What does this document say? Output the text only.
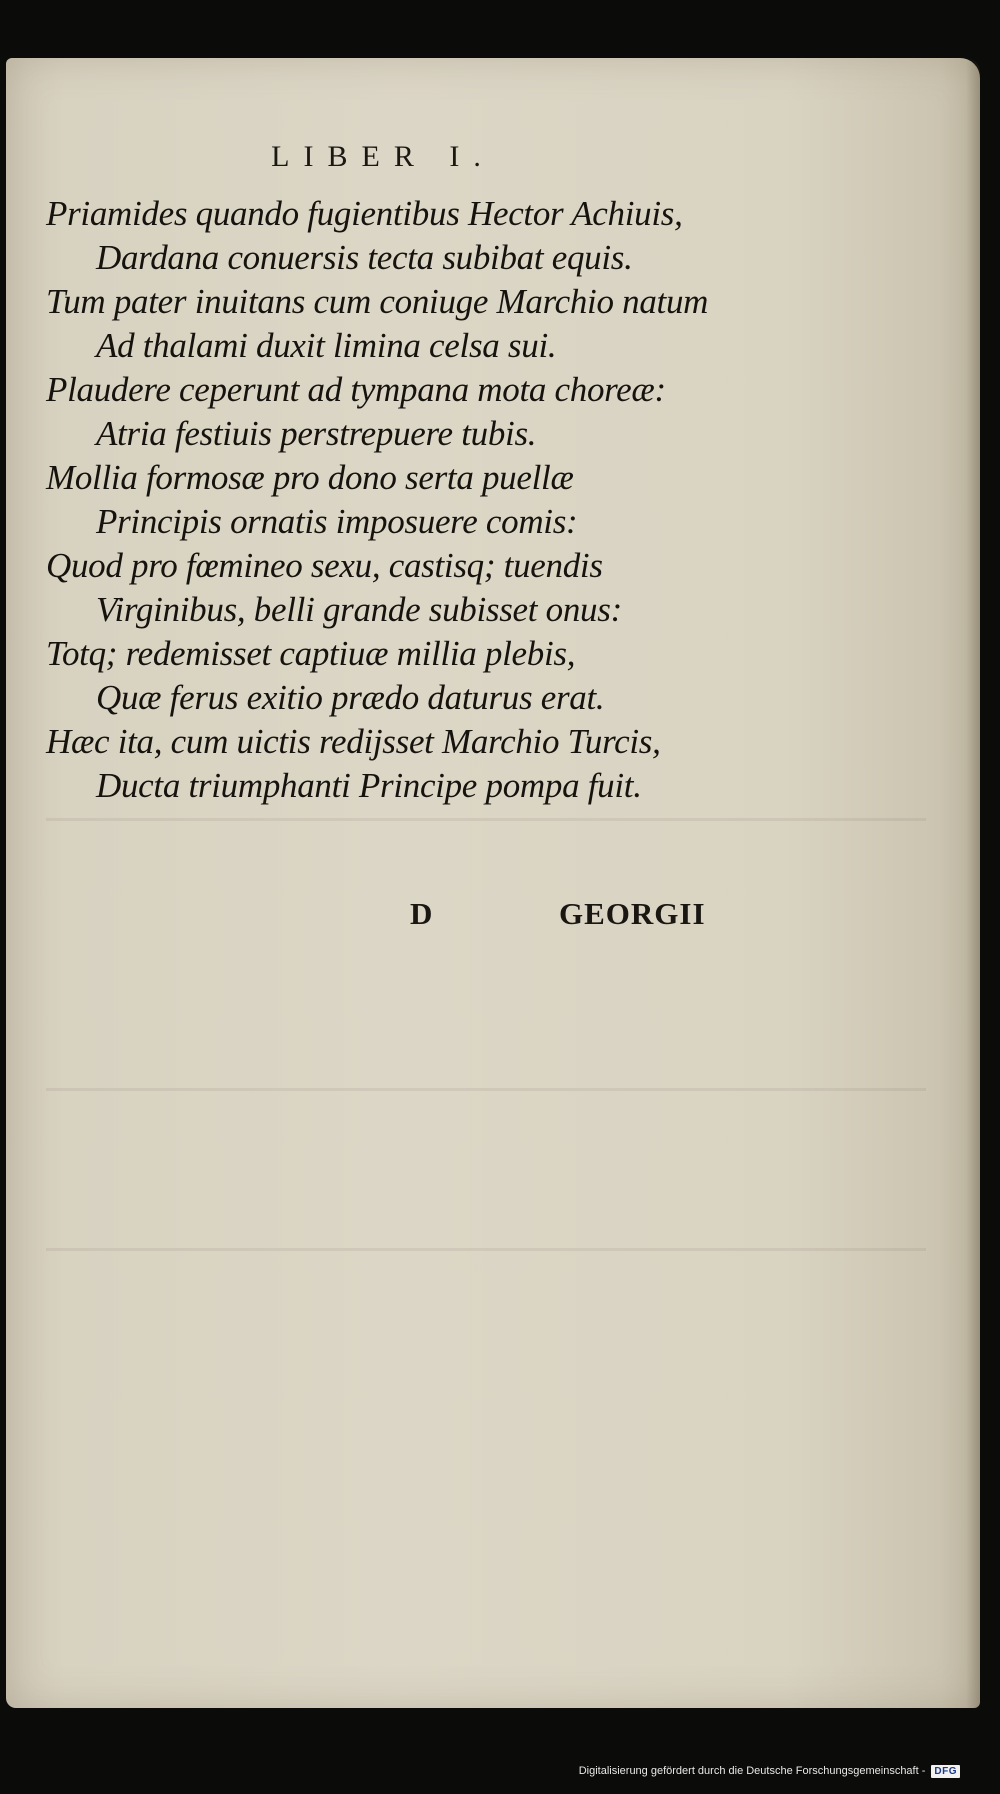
LIBER I.
Priamides quando fugientibus Hector Achiuis,
Dardana conuersis tecta subibat equis.
Tum pater inuitans cum coniuge Marchio natum
Ad thalami duxit limina celsa sui.
Plaudere ceperunt ad tympana mota choreæ:
Atria festiuis perstrepuere tubis.
Mollia formosæ pro dono serta puellæ
Principis ornatis imposuere comis:
Quod pro fœmineo sexu, castisq; tuendis
Virginibus, belli grande subisset onus:
Totq; redemisset captiuæ millia plebis,
Quæ ferus exitio prædo daturus erat.
Hæc ita, cum uictis redijsset Marchio Turcis,
Ducta triumphanti Principe pompa fuit.
D	GEORGII
Digitalisierung gefördert durch die Deutsche Forschungsgemeinschaft - DFG
